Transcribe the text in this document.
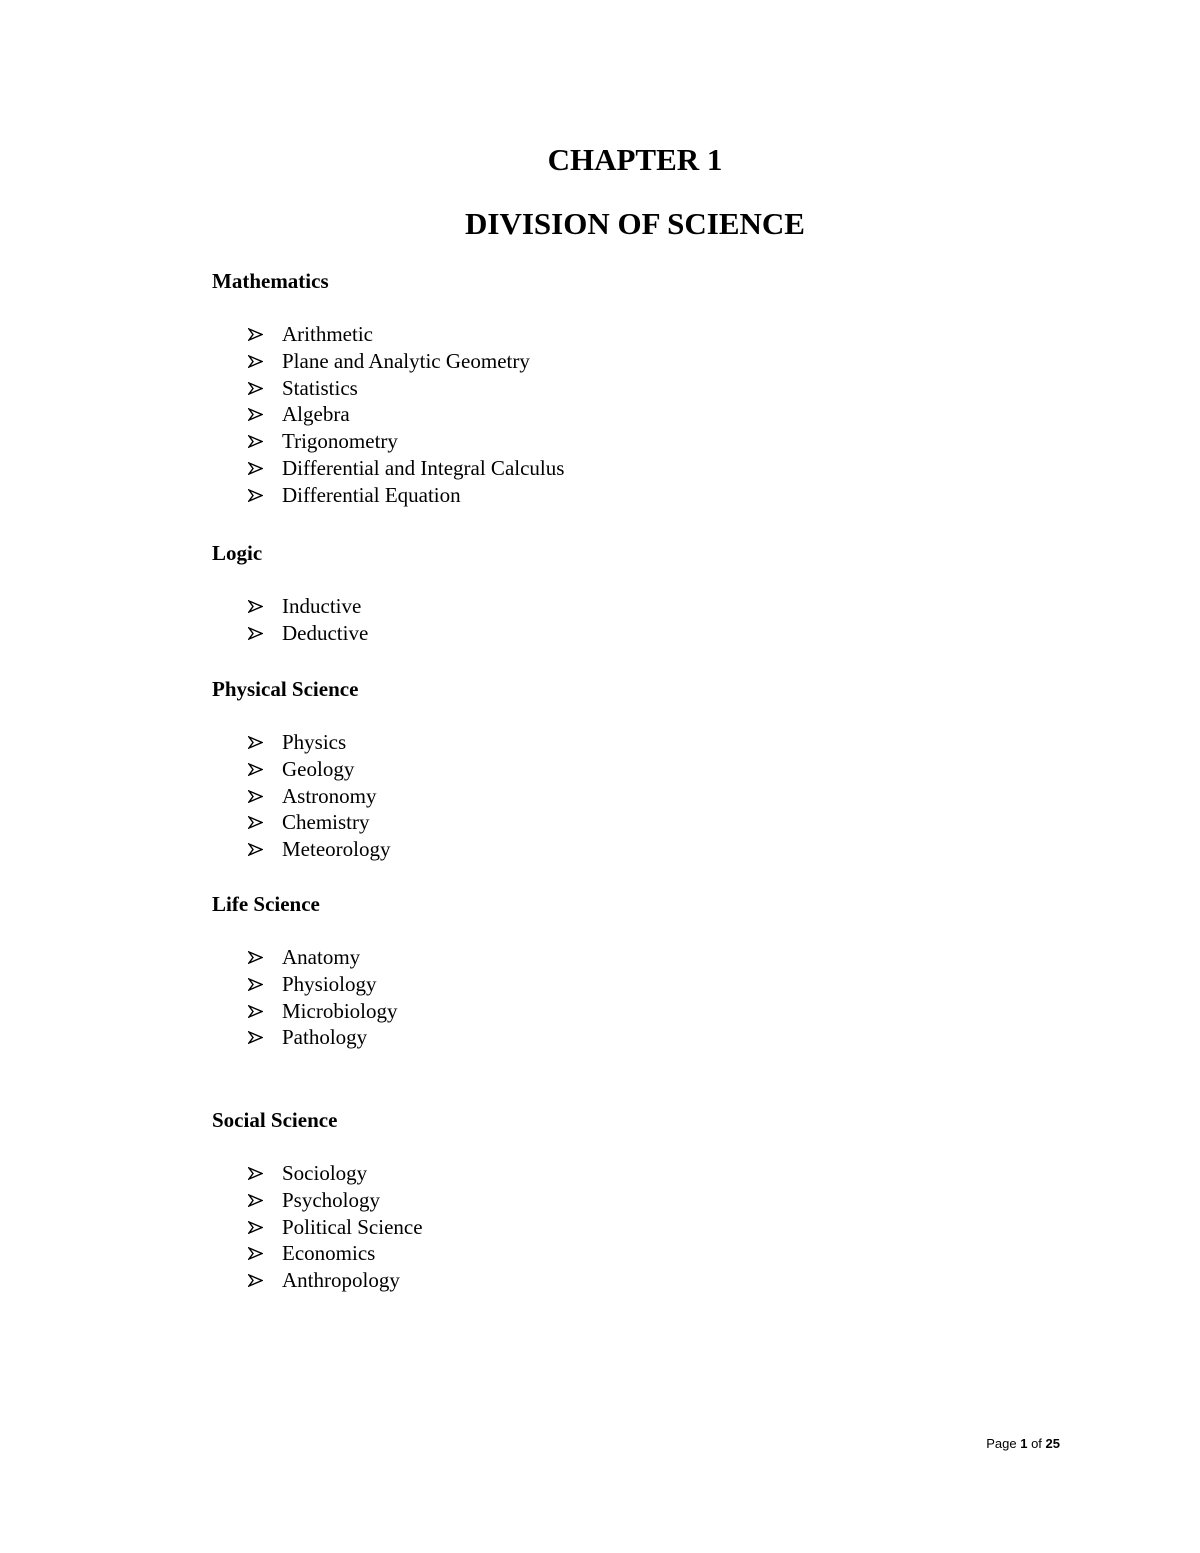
CHAPTER 1
DIVISION OF SCIENCE
Mathematics
Arithmetic
Plane and Analytic Geometry
Statistics
Algebra
Trigonometry
Differential and Integral Calculus
Differential Equation
Logic
Inductive
Deductive
Physical Science
Physics
Geology
Astronomy
Chemistry
Meteorology
Life Science
Anatomy
Physiology
Microbiology
Pathology
Social Science
Sociology
Psychology
Political Science
Economics
Anthropology
Page 1 of 25
